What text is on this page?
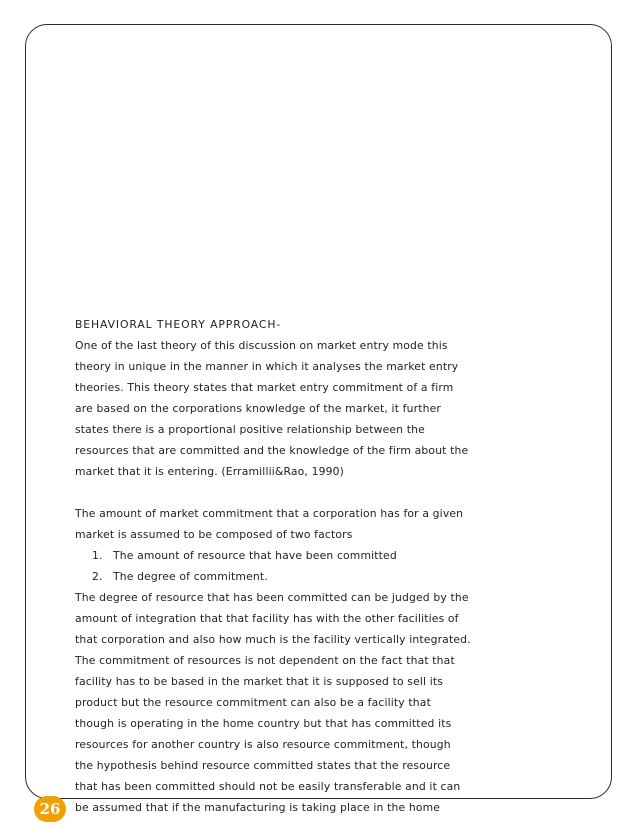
BEHAVIORAL THEORY APPROACH-
One of the last theory of this discussion on market entry mode this
theory in unique in the manner in which it analyses the market entry
theories. This theory states that market entry commitment of a firm
are based on the corporations knowledge of the market, it further
states there is a proportional positive relationship between the
resources that are committed and the knowledge of the firm about the
market that it is entering. (Erramillii&Rao, 1990)
The amount of market commitment that a corporation has for a given
market is assumed to be composed of two factors
1. The amount of resource that have been committed
2. The degree of commitment.
The degree of resource that has been committed can be judged by the
amount of integration that that facility has with the other facilities of
that corporation and also how much is the facility vertically integrated.
The commitment of resources is not dependent on the fact that that
facility has to be based in the market that it is supposed to sell its
product but the resource commitment can also be a facility that
though is operating in the home country but that has committed its
resources for another country is also resource commitment, though
the hypothesis behind resource committed states that the resource
that has been committed should not be easily transferable and it can
be assumed that if the manufacturing is taking place in the home
26
